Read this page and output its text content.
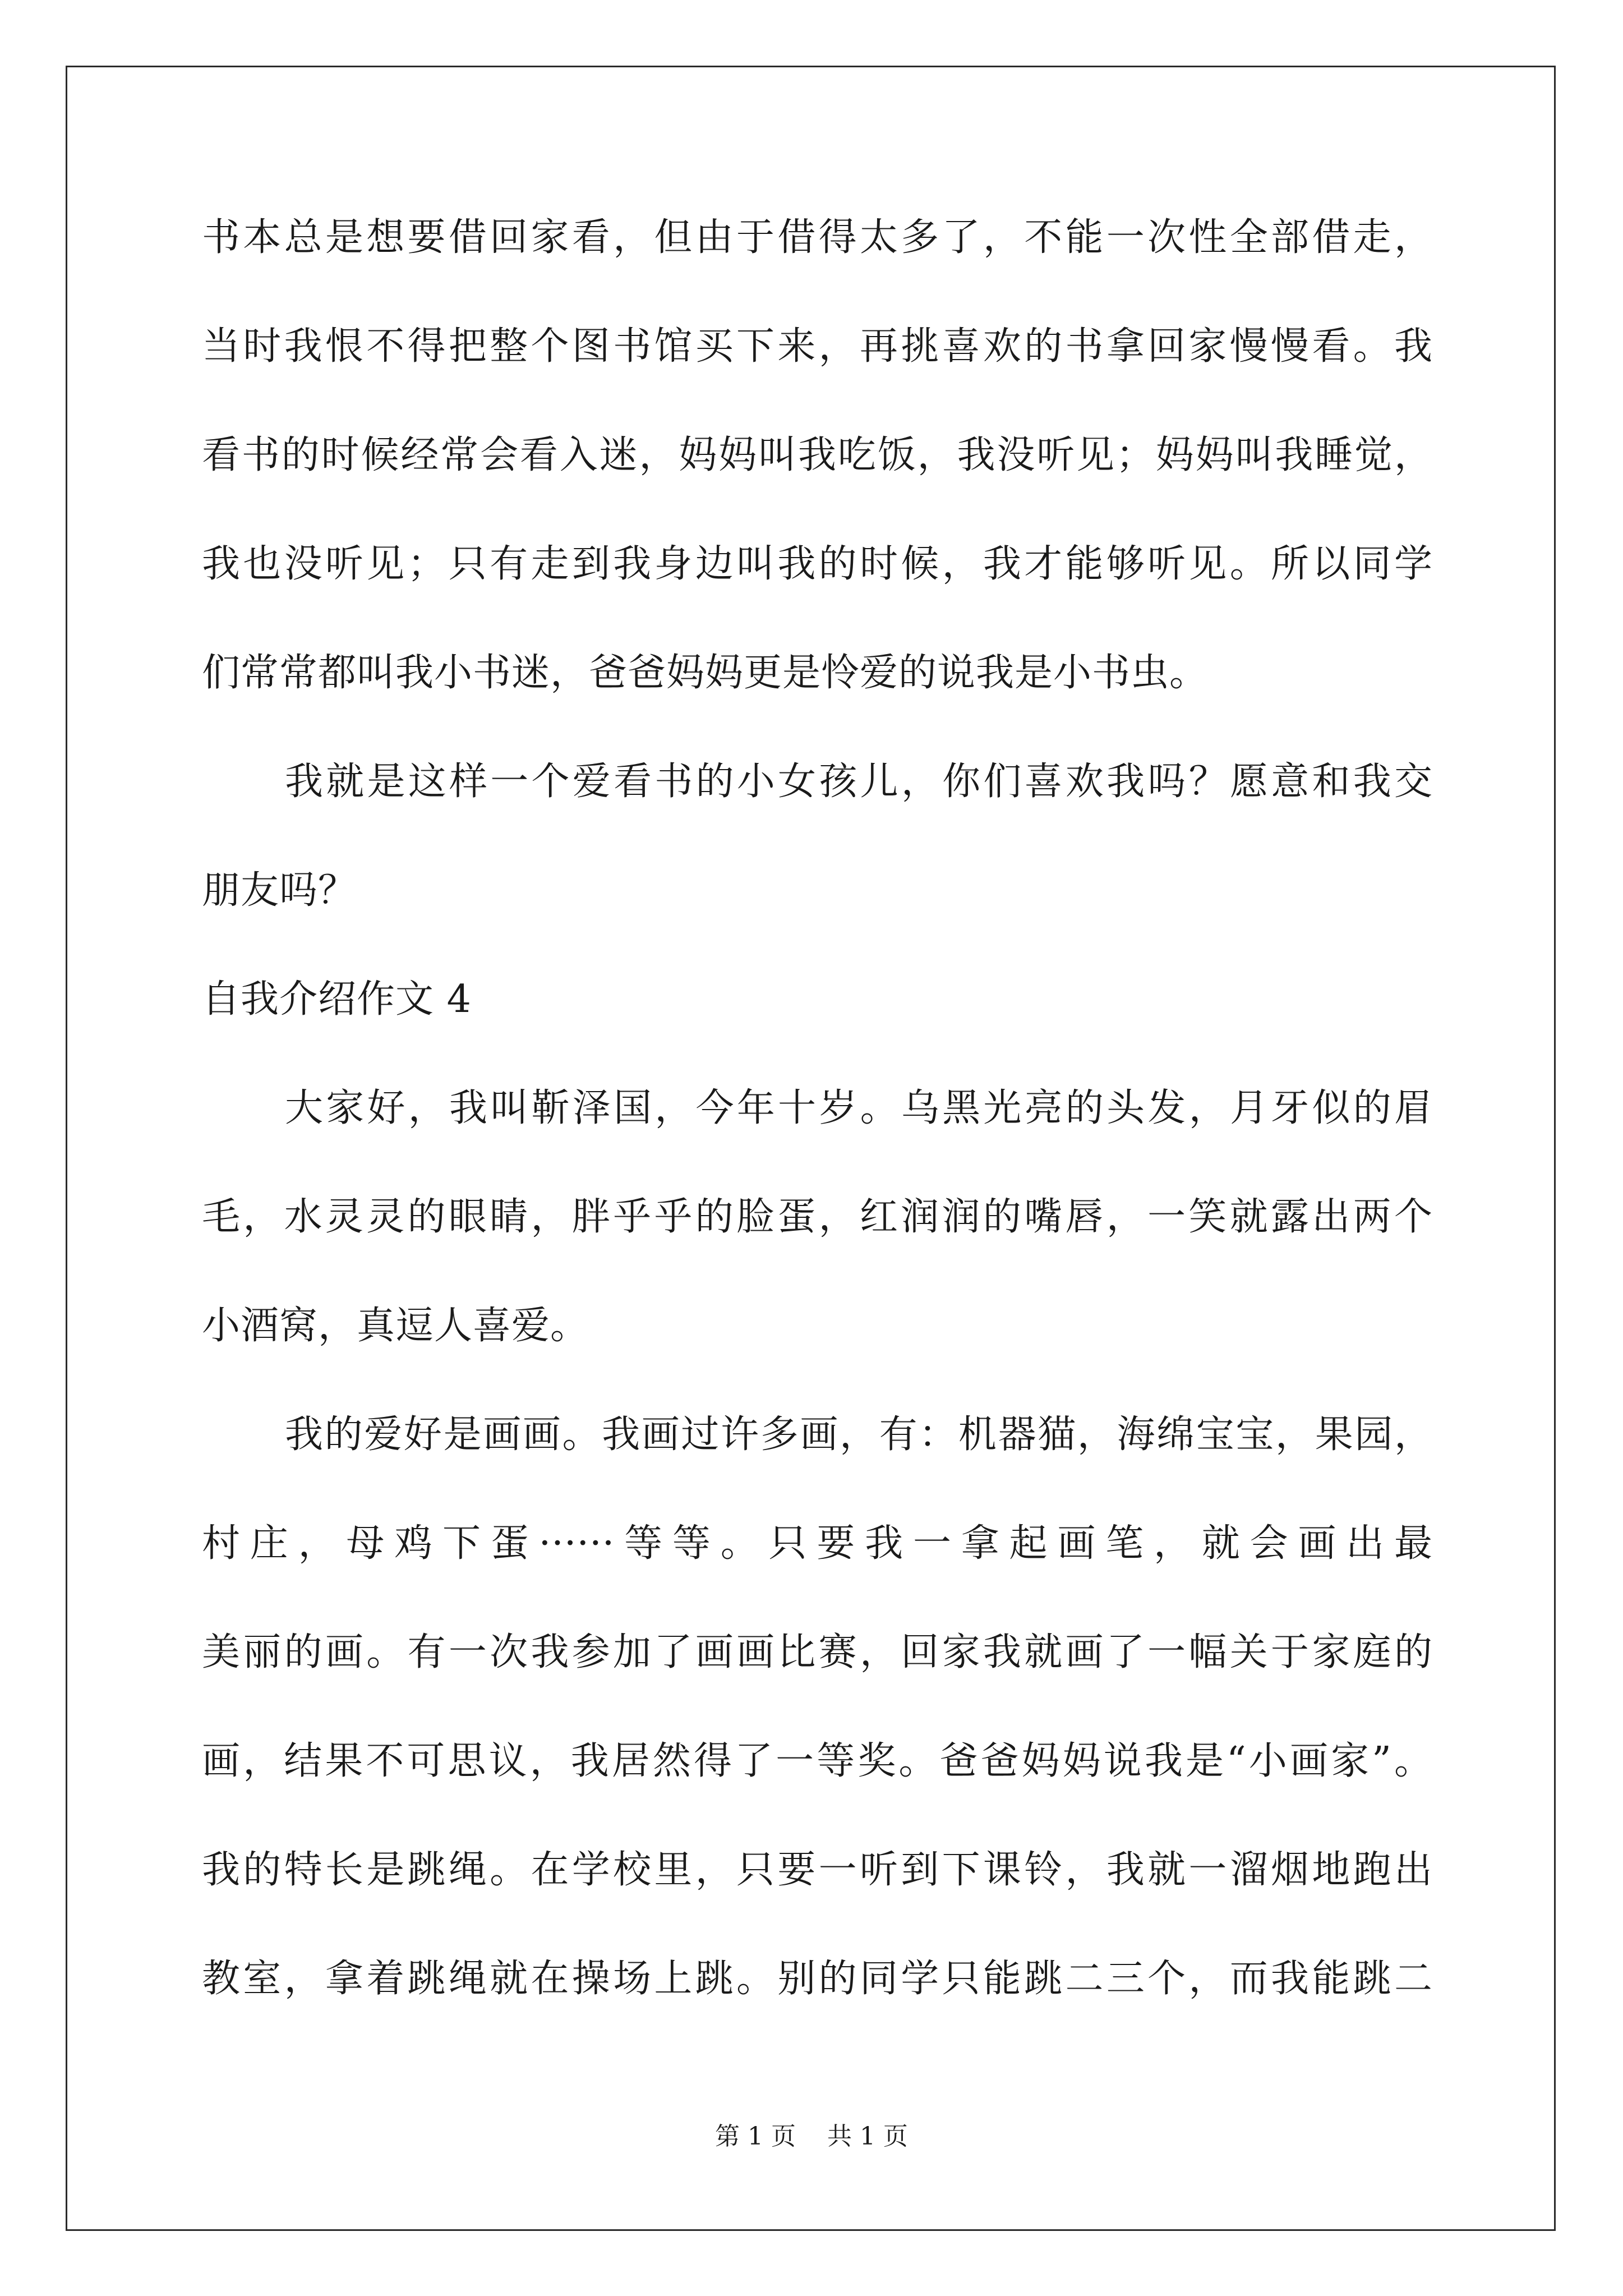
书本总是想要借回家看，但由于借得太多了，不能一次性全部借走，
当时我恨不得把整个图书馆买下来，再挑喜欢的书拿回家慢慢看。我
看书的时候经常会看入迷，妈妈叫我吃饭，我没听见；妈妈叫我睡觉，
我也没听见；只有走到我身边叫我的时候，我才能够听见。所以同学
们常常都叫我小书迷，爸爸妈妈更是怜爱的说我是小书虫。
我就是这样一个爱看书的小女孩儿，你们喜欢我吗？愿意和我交
朋友吗？
自我介绍作文 4
大家好，我叫靳泽国，今年十岁。乌黑光亮的头发，月牙似的眉
毛，水灵灵的眼睛，胖乎乎的脸蛋，红润润的嘴唇，一笑就露出两个
小酒窝，真逗人喜爱。
我的爱好是画画。我画过许多画，有：机器猫，海绵宝宝，果园，
村庄，母鸡下蛋······等等。只要我一拿起画笔，就会画出最
美丽的画。有一次我参加了画画比赛，回家我就画了一幅关于家庭的
画，结果不可思议，我居然得了一等奖。爸爸妈妈说我是“小画家”。
我的特长是跳绳。在学校里，只要一听到下课铃，我就一溜烟地跑出
教室，拿着跳绳就在操场上跳。别的同学只能跳二三个，而我能跳二
第 1 页 共 1 页
